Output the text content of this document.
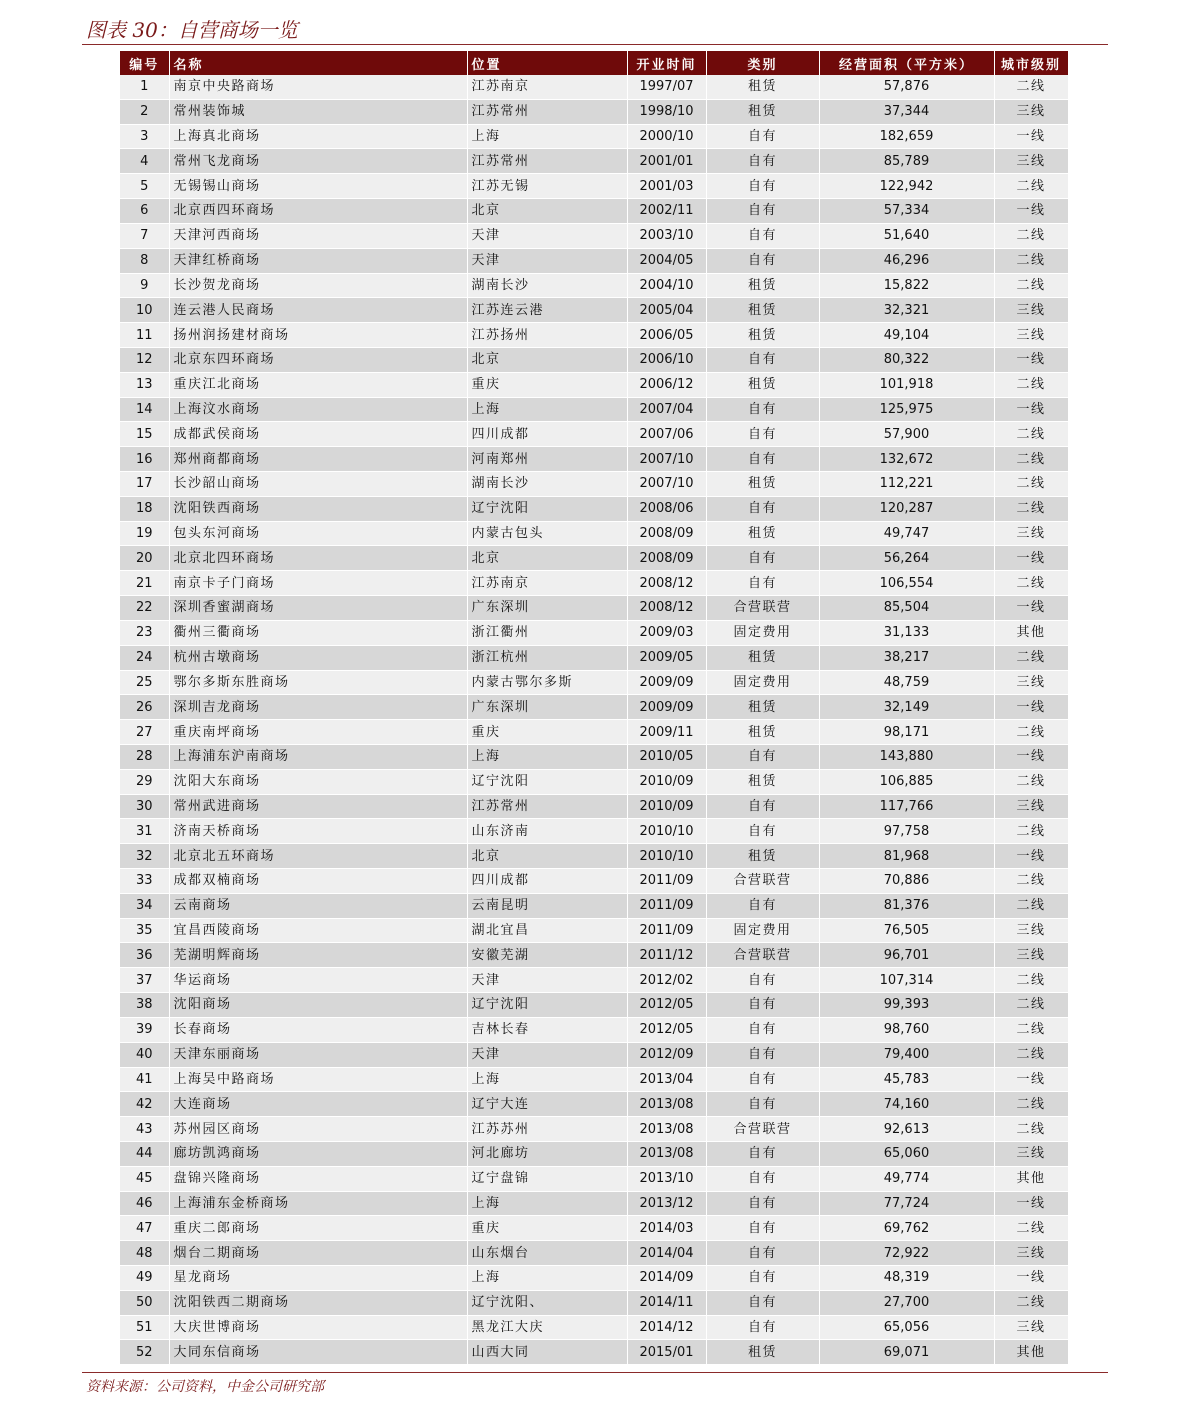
图表 30：自营商场一览
编号	名称	位置	开业时间	类别	经营面积（平方米）	城市级别
1	南京中央路商场	江苏南京	1997/07	租赁	57,876	二线
2	常州装饰城	江苏常州	1998/10	租赁	37,344	三线
3	上海真北商场	上海	2000/10	自有	182,659	一线
4	常州飞龙商场	江苏常州	2001/01	自有	85,789	三线
5	无锡锡山商场	江苏无锡	2001/03	自有	122,942	二线
6	北京西四环商场	北京	2002/11	自有	57,334	一线
7	天津河西商场	天津	2003/10	自有	51,640	二线
8	天津红桥商场	天津	2004/05	自有	46,296	二线
9	长沙贺龙商场	湖南长沙	2004/10	租赁	15,822	二线
10	连云港人民商场	江苏连云港	2005/04	租赁	32,321	三线
11	扬州润扬建材商场	江苏扬州	2006/05	租赁	49,104	三线
12	北京东四环商场	北京	2006/10	自有	80,322	一线
13	重庆江北商场	重庆	2006/12	租赁	101,918	二线
14	上海汶水商场	上海	2007/04	自有	125,975	一线
15	成都武侯商场	四川成都	2007/06	自有	57,900	二线
16	郑州商都商场	河南郑州	2007/10	自有	132,672	二线
17	长沙韶山商场	湖南长沙	2007/10	租赁	112,221	二线
18	沈阳铁西商场	辽宁沈阳	2008/06	自有	120,287	二线
19	包头东河商场	内蒙古包头	2008/09	租赁	49,747	三线
20	北京北四环商场	北京	2008/09	自有	56,264	一线
21	南京卡子门商场	江苏南京	2008/12	自有	106,554	二线
22	深圳香蜜湖商场	广东深圳	2008/12	合营联营	85,504	一线
23	衢州三衢商场	浙江衢州	2009/03	固定费用	31,133	其他
24	杭州古墩商场	浙江杭州	2009/05	租赁	38,217	二线
25	鄂尔多斯东胜商场	内蒙古鄂尔多斯	2009/09	固定费用	48,759	三线
26	深圳吉龙商场	广东深圳	2009/09	租赁	32,149	一线
27	重庆南坪商场	重庆	2009/11	租赁	98,171	二线
28	上海浦东沪南商场	上海	2010/05	自有	143,880	一线
29	沈阳大东商场	辽宁沈阳	2010/09	租赁	106,885	二线
30	常州武进商场	江苏常州	2010/09	自有	117,766	三线
31	济南天桥商场	山东济南	2010/10	自有	97,758	二线
32	北京北五环商场	北京	2010/10	租赁	81,968	一线
33	成都双楠商场	四川成都	2011/09	合营联营	70,886	二线
34	云南商场	云南昆明	2011/09	自有	81,376	二线
35	宜昌西陵商场	湖北宜昌	2011/09	固定费用	76,505	三线
36	芜湖明辉商场	安徽芜湖	2011/12	合营联营	96,701	三线
37	华运商场	天津	2012/02	自有	107,314	二线
38	沈阳商场	辽宁沈阳	2012/05	自有	99,393	二线
39	长春商场	吉林长春	2012/05	自有	98,760	二线
40	天津东丽商场	天津	2012/09	自有	79,400	二线
41	上海吴中路商场	上海	2013/04	自有	45,783	一线
42	大连商场	辽宁大连	2013/08	自有	74,160	二线
43	苏州园区商场	江苏苏州	2013/08	合营联营	92,613	二线
44	廊坊凯鸿商场	河北廊坊	2013/08	自有	65,060	三线
45	盘锦兴隆商场	辽宁盘锦	2013/10	自有	49,774	其他
46	上海浦东金桥商场	上海	2013/12	自有	77,724	一线
47	重庆二郎商场	重庆	2014/03	自有	69,762	二线
48	烟台二期商场	山东烟台	2014/04	自有	72,922	三线
49	星龙商场	上海	2014/09	自有	48,319	一线
50	沈阳铁西二期商场	辽宁沈阳、	2014/11	自有	27,700	二线
51	大庆世博商场	黑龙江大庆	2014/12	自有	65,056	三线
52	大同东信商场	山西大同	2015/01	租赁	69,071	其他
资料来源：公司资料，中金公司研究部
